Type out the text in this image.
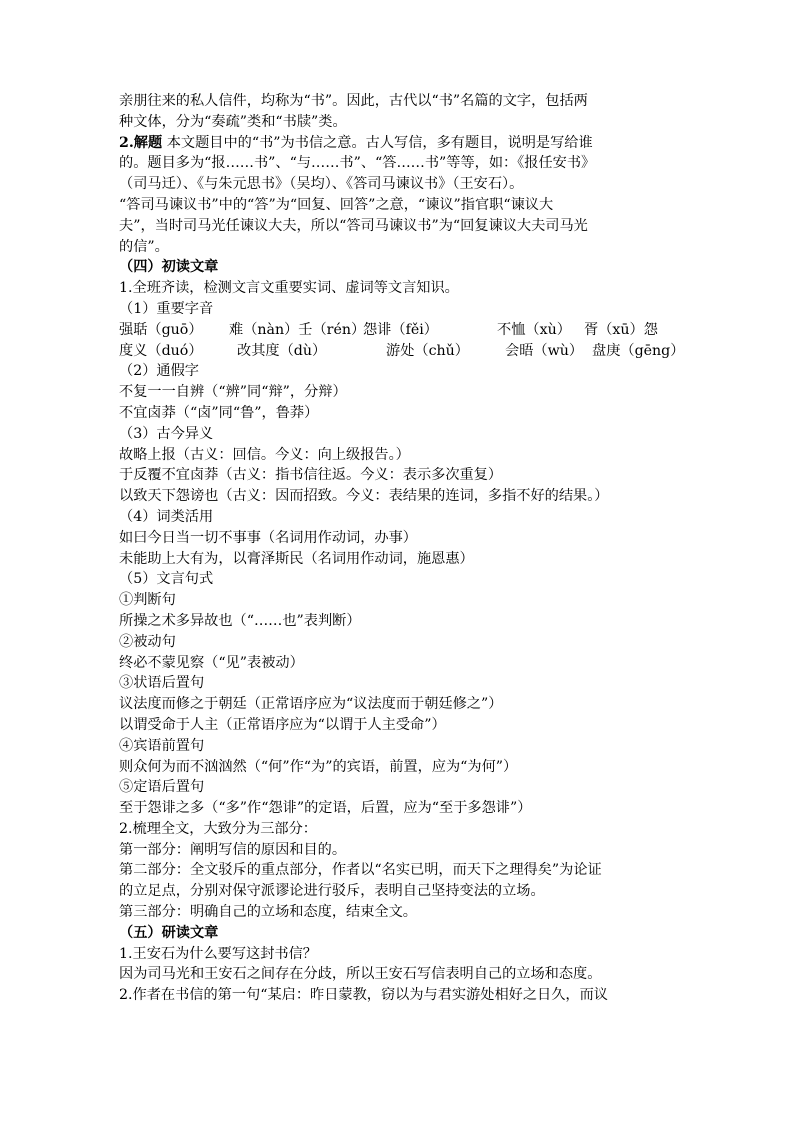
亲朋往来的私人信件，均称为“书”。因此，古代以“书”名篇的文字，包括两
种文体，分为“奏疏”类和“书牍”类。
2.解题 本文题目中的“书”为书信之意。古人写信，多有题目，说明是写给谁
的。题目多为“报……书”、“与……书”、“答……书”等等，如：《报任安书》
（司马迁）、《与朱元思书》（吴均）、《答司马谏议书》（王安石）。
“答司马谏议书”中的“答”为“回复、回答”之意，“谏议”指官职“谏议大
夫”，当时司马光任谏议大夫，所以“答司马谏议书”为“回复谏议大夫司马光
的信”。
（四）初读文章
1.全班齐读，检测文言文重要实词、虚词等文言知识。
（1）重要字音
强聒（guō） 难（nàn）壬（rén）
怨诽（fěi）	不恤（xù） 胥（xū）怨
度义（duó） 改其度（dù）	游处（chǔ）	会晤（wù） 盘庚（gēng）
（2）通假字
不复一一自辨（“辨”同“辩”，分辩）
不宜卤莽（“卤”同“鲁”，鲁莽）
（3）古今异义
故略上报（古义：回信。今义：向上级报告。）
于反覆不宜卤莽（古义：指书信往返。今义：表示多次重复）
以致天下怨谤也（古义：因而招致。今义：表结果的连词，多指不好的结果。）
（4）词类活用
如曰今日当一切不事事（名词用作动词，办事）
未能助上大有为，以膏泽斯民（名词用作动词，施恩惠）
（5）文言句式
①判断句
所操之术多异故也（“……也”表判断）
②被动句
终必不蒙见察（“见”表被动）
③状语后置句
议法度而修之于朝廷（正常语序应为“议法度而于朝廷修之”）
以谓受命于人主（正常语序应为“以谓于人主受命”）
④宾语前置句
则众何为而不汹汹然（“何”作“为”的宾语，前置，应为“为何”）
⑤定语后置句
至于怨诽之多（“多”作“怨诽”的定语，后置，应为“至于多怨诽”）
2.梳理全文，大致分为三部分：
第一部分：阐明写信的原因和目的。
第二部分：全文驳斥的重点部分，作者以“名实已明，而天下之理得矣”为论证
的立足点，分别对保守派谬论进行驳斥，表明自己坚持变法的立场。
第三部分：明确自己的立场和态度，结束全文。
（五）研读文章
1.王安石为什么要写这封书信？
因为司马光和王安石之间存在分歧，所以王安石写信表明自己的立场和态度。
2.作者在书信的第一句“某启：昨日蒙教，窃以为与君实游处相好之日久，而议
